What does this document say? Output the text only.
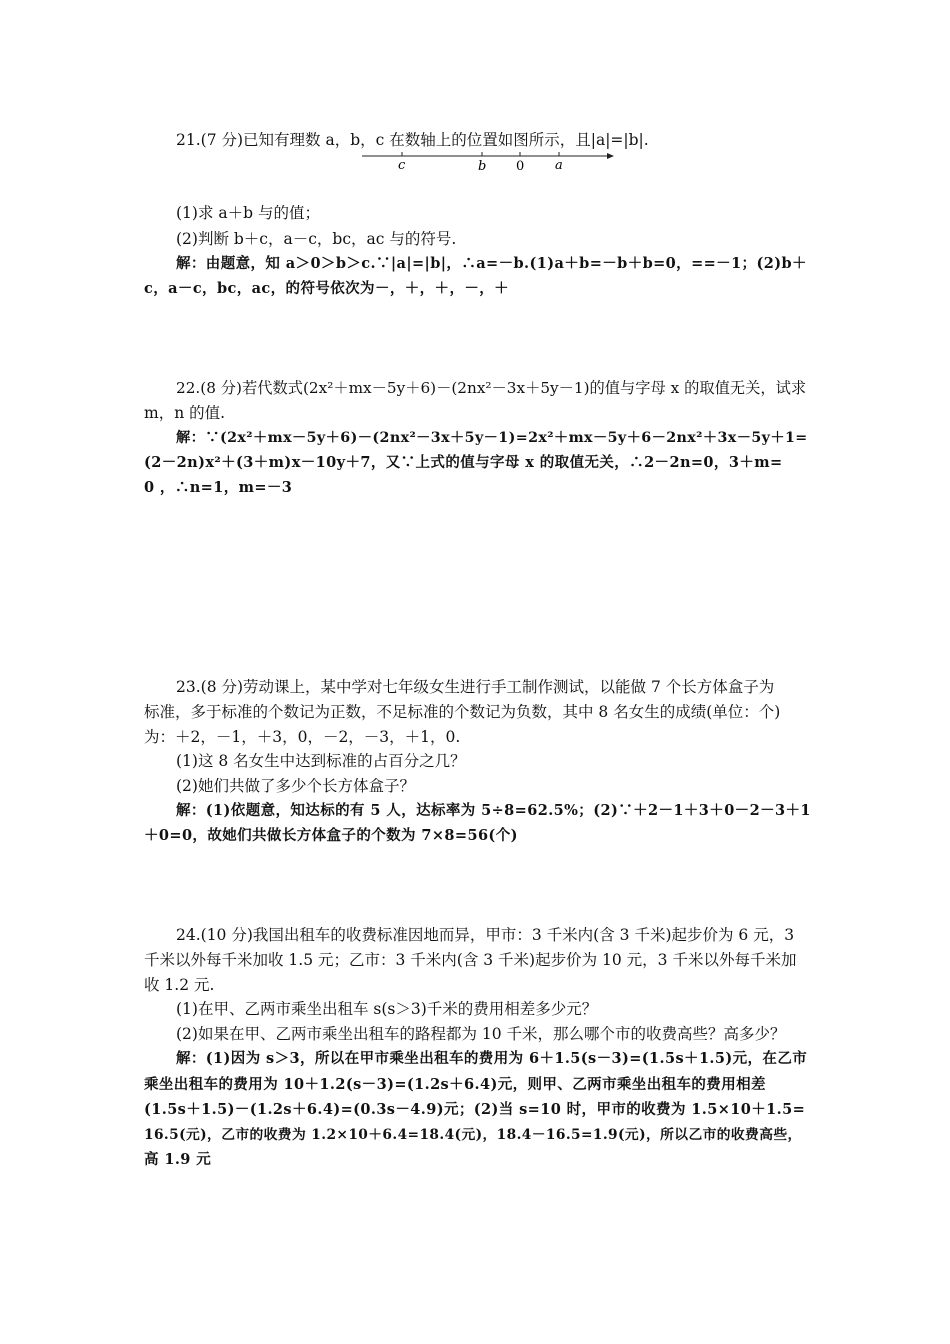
21.(7 分)已知有理数 a，b，c 在数轴上的位置如图所示，且|a|=|b|.
c	b 0 a
(1)求 a＋b 与的值；
(2)判断 b＋c，a－c，bc，ac 与的符号.
解：由题意，知 a＞0＞b＞c.∵|a|=|b|，∴a=－b.(1)a＋b=－b＋b=0，==－1；(2)b＋
c，a－c，bc，ac，的符号依次为－，＋，＋，－，＋
22.(8 分)若代数式(2x²＋mx－5y＋6)－(2nx²－3x＋5y－1)的值与字母 x 的取值无关，试求
m，n 的值.
解：∵(2x²＋mx－5y＋6)－(2nx²－3x＋5y－1)=2x²＋mx－5y＋6－2nx²＋3x－5y＋1=
(2－2n)x²＋(3＋m)x－10y＋7，又∵上式的值与字母 x 的取值无关，∴2－2n=0，3＋m=
0 ，∴n=1，m=－3
23.(8 分)劳动课上，某中学对七年级女生进行手工制作测试，以能做 7 个长方体盒子为
标准，多于标准的个数记为正数，不足标准的个数记为负数，其中 8 名女生的成绩(单位：个)
为：＋2，－1，＋3，0，－2，－3，＋1，0.
(1)这 8 名女生中达到标准的占百分之几？
(2)她们共做了多少个长方体盒子？
解：(1)依题意，知达标的有 5 人，达标率为 5÷8=62.5%；(2)∵＋2－1＋3＋0－2－3＋1
＋0=0，故她们共做长方体盒子的个数为 7×8=56(个)
24.(10 分)我国出租车的收费标准因地而异，甲市：3 千米内(含 3 千米)起步价为 6 元，3
千米以外每千米加收 1.5 元；乙市：3 千米内(含 3 千米)起步价为 10 元，3 千米以外每千米加
收 1.2 元.
(1)在甲、乙两市乘坐出租车 s(s＞3)千米的费用相差多少元？
(2)如果在甲、乙两市乘坐出租车的路程都为 10 千米，那么哪个市的收费高些？高多少？
解：(1)因为 s＞3，所以在甲市乘坐出租车的费用为 6＋1.5(s－3)=(1.5s＋1.5)元，在乙市
乘坐出租车的费用为 10＋1.2(s－3)=(1.2s＋6.4)元，则甲、乙两市乘坐出租车的费用相差
(1.5s＋1.5)－(1.2s＋6.4)=(0.3s－4.9)元；(2)当 s=10 时，甲市的收费为 1.5×10＋1.5=
16.5(元)，乙市的收费为 1.2×10＋6.4=18.4(元)，18.4－16.5=1.9(元)，所以乙市的收费高些，
高 1.9 元
